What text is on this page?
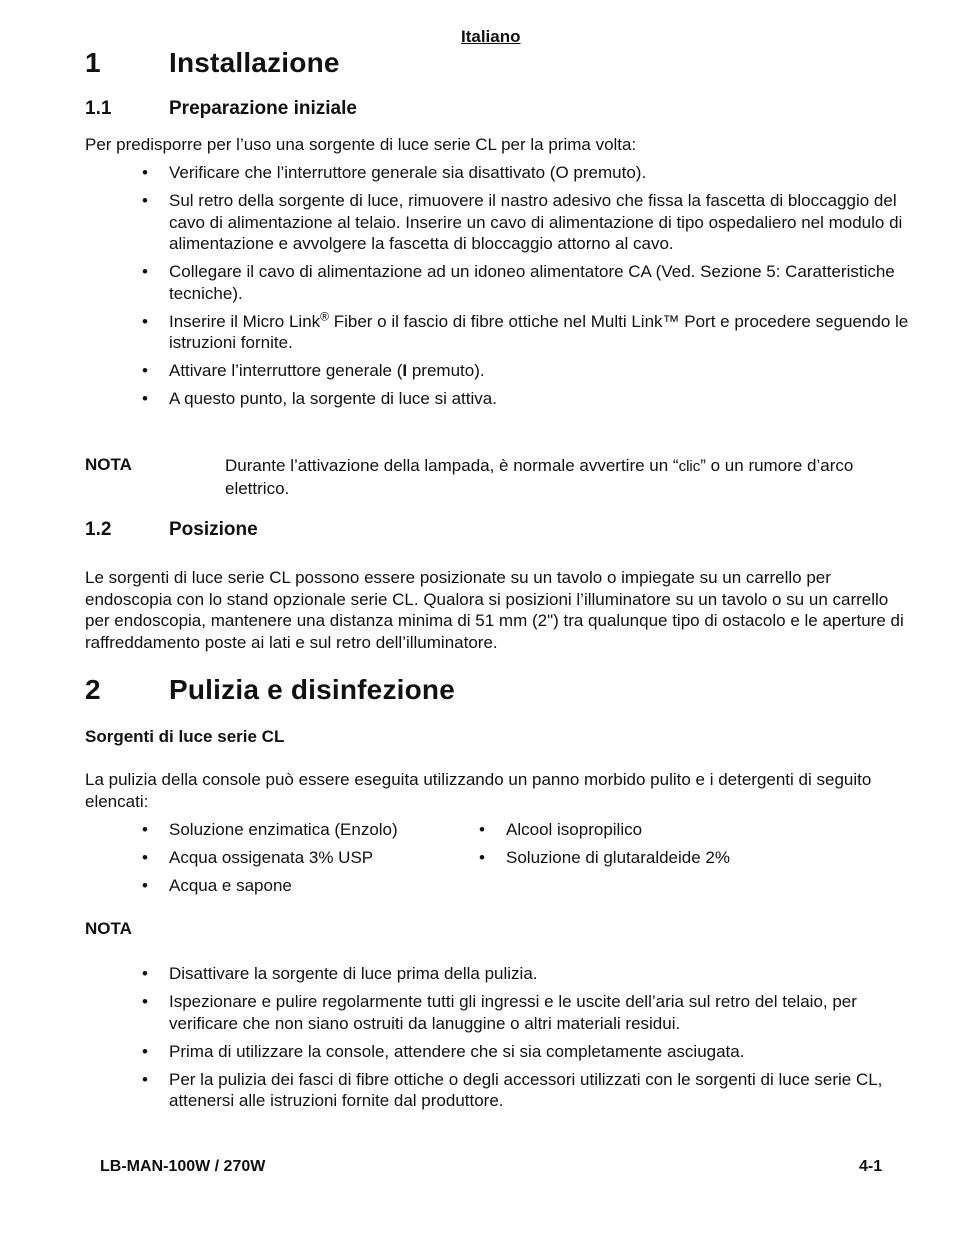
Italiano
1 Installazione
1.1	Preparazione iniziale
Per predisporre per l’uso una sorgente di luce serie CL per la prima volta:
• Verificare che l’interruttore generale sia disattivato (O premuto).
• Sul retro della sorgente di luce, rimuovere il nastro adesivo che fissa la fascetta di bloccaggio del cavo di alimentazione al telaio. Inserire un cavo di alimentazione di tipo ospedaliero nel modulo di alimentazione e avvolgere la fascetta di bloccaggio attorno al cavo.
• Collegare il cavo di alimentazione ad un idoneo alimentatore CA (Ved. Sezione 5: Caratteristiche tecniche).
• Inserire il Micro Link® Fiber o il fascio di fibre ottiche nel Multi Link™ Port e procedere seguendo le istruzioni fornite.
• Attivare l’interruttore generale (I premuto).
• A questo punto, la sorgente di luce si attiva.
NOTA	Durante l’attivazione della lampada, è normale avvertire un “clic” o un rumore d’arco elettrico.
1.2	Posizione
Le sorgenti di luce serie CL possono essere posizionate su un tavolo o impiegate su un carrello per endoscopia con lo stand opzionale serie CL. Qualora si posizioni l’illuminatore su un tavolo o su un carrello per endoscopia, mantenere una distanza minima di 51 mm (2") tra qualunque tipo di ostacolo e le aperture di raffreddamento poste ai lati e sul retro dell’illuminatore.
2 Pulizia e disinfezione
Sorgenti di luce serie CL
La pulizia della console può essere eseguita utilizzando un panno morbido pulito e i detergenti di seguito elencati:
• Soluzione enzimatica (Enzolo)
• Acqua ossigenata 3% USP
• Acqua e sapone
• Alcool isopropilico
• Soluzione di glutaraldeide 2%
NOTA
• Disattivare la sorgente di luce prima della pulizia.
• Ispezionare e pulire regolarmente tutti gli ingressi e le uscite dell’aria sul retro del telaio, per verificare che non siano ostruiti da lanuggine o altri materiali residui.
• Prima di utilizzare la console, attendere che si sia completamente asciugata.
• Per la pulizia dei fasci di fibre ottiche o degli accessori utilizzati con le sorgenti di luce serie CL, attenersi alle istruzioni fornite dal produttore.
LB-MAN-100W / 270W	4-1
